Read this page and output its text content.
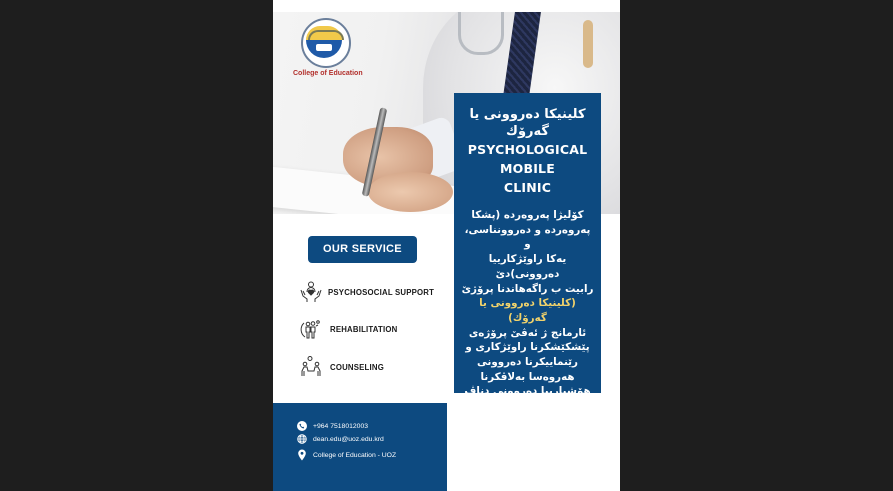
College of Education
كلينيكا دەروونی یا
گەرۆك
PSYCHOLOGICAL
MOBILE
CLINIC
كۆلیژا پەروەردە (پشکا
پەروەردە و دەروونناسی، و
یەکا راوێژکارییا دەروونی)دێ
رابیت ب راگەهاندنا پرۆژێ
(كلينيكا دەروونی یا گەرۆك)
ئارمانج ژ ئەڤێ پرۆژەی
پێشکێشکرنا راوێژکاری و
رێنماییکرنا دەروونی
هەروەسا بەلاڤکرنا
هۆشیارییا دەروونی دناڤ
زانکۆیێ، هەروەسا خزمەتکرنا
جڤاکێ مە ژ دەرڤەی زانکۆیێ.
OUR SERVICE
PSYCHOSOCIAL SUPPORT
REHABILITATION
COUNSELING
+964 7518012003
dean.edu@uoz.edu.krd
College of Education - UOZ
